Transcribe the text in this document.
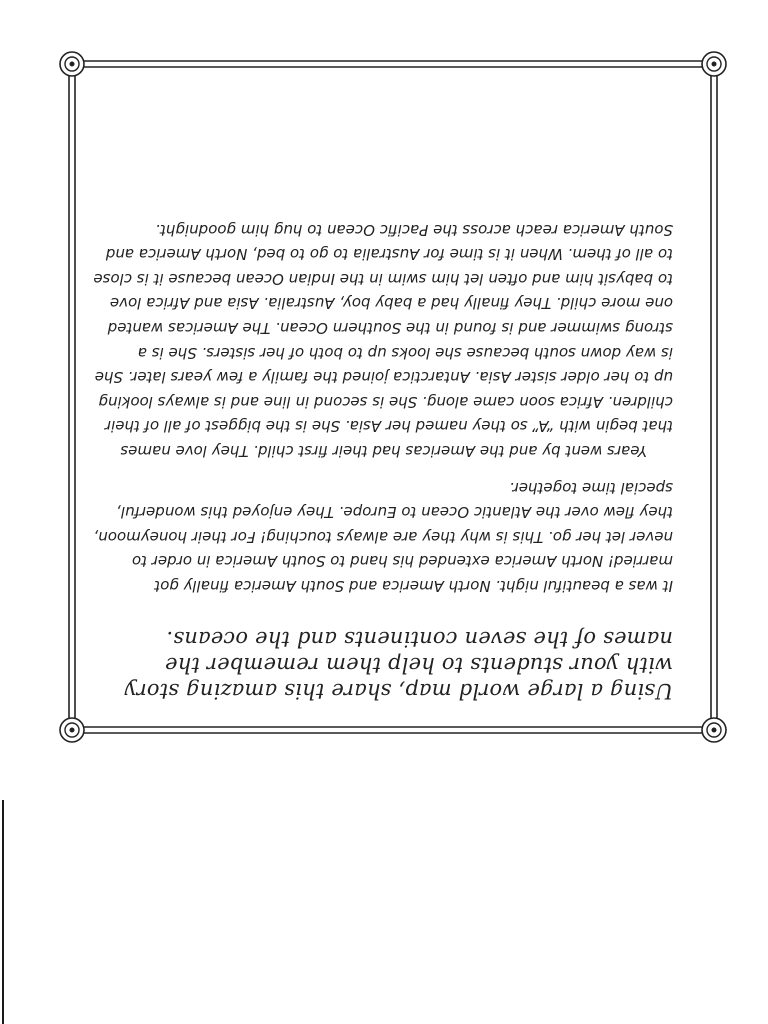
Using a large world map, share this amazing story with your students to help them remember the names of the seven continents and the oceans.

It was a beautiful night. North America and South America finally got married! North America extended his hand to South America in order to never let her go. This is why they are always touching! For their honeymoon, they flew over the Atlantic Ocean to Europe. They enjoyed this wonderful, special time together.

Years went by and the Americas had their first child. They love names that begin with “A” so they named her Asia. She is the biggest of all of their children. Africa soon came along. She is second in line and is always looking up to her older sister Asia. Antarctica joined the family a few years later. She is way down south because she looks up to both of her sisters. She is a strong swimmer and is found in the Southern Ocean. The Americas wanted one more child. They finally had a baby boy, Australia. Asia and Africa love to babysit him and often let him swim in the Indian Ocean because it is close to all of them. When it is time for Australia to go to bed, North America and South America reach across the Pacific Ocean to hug him goodnight.
